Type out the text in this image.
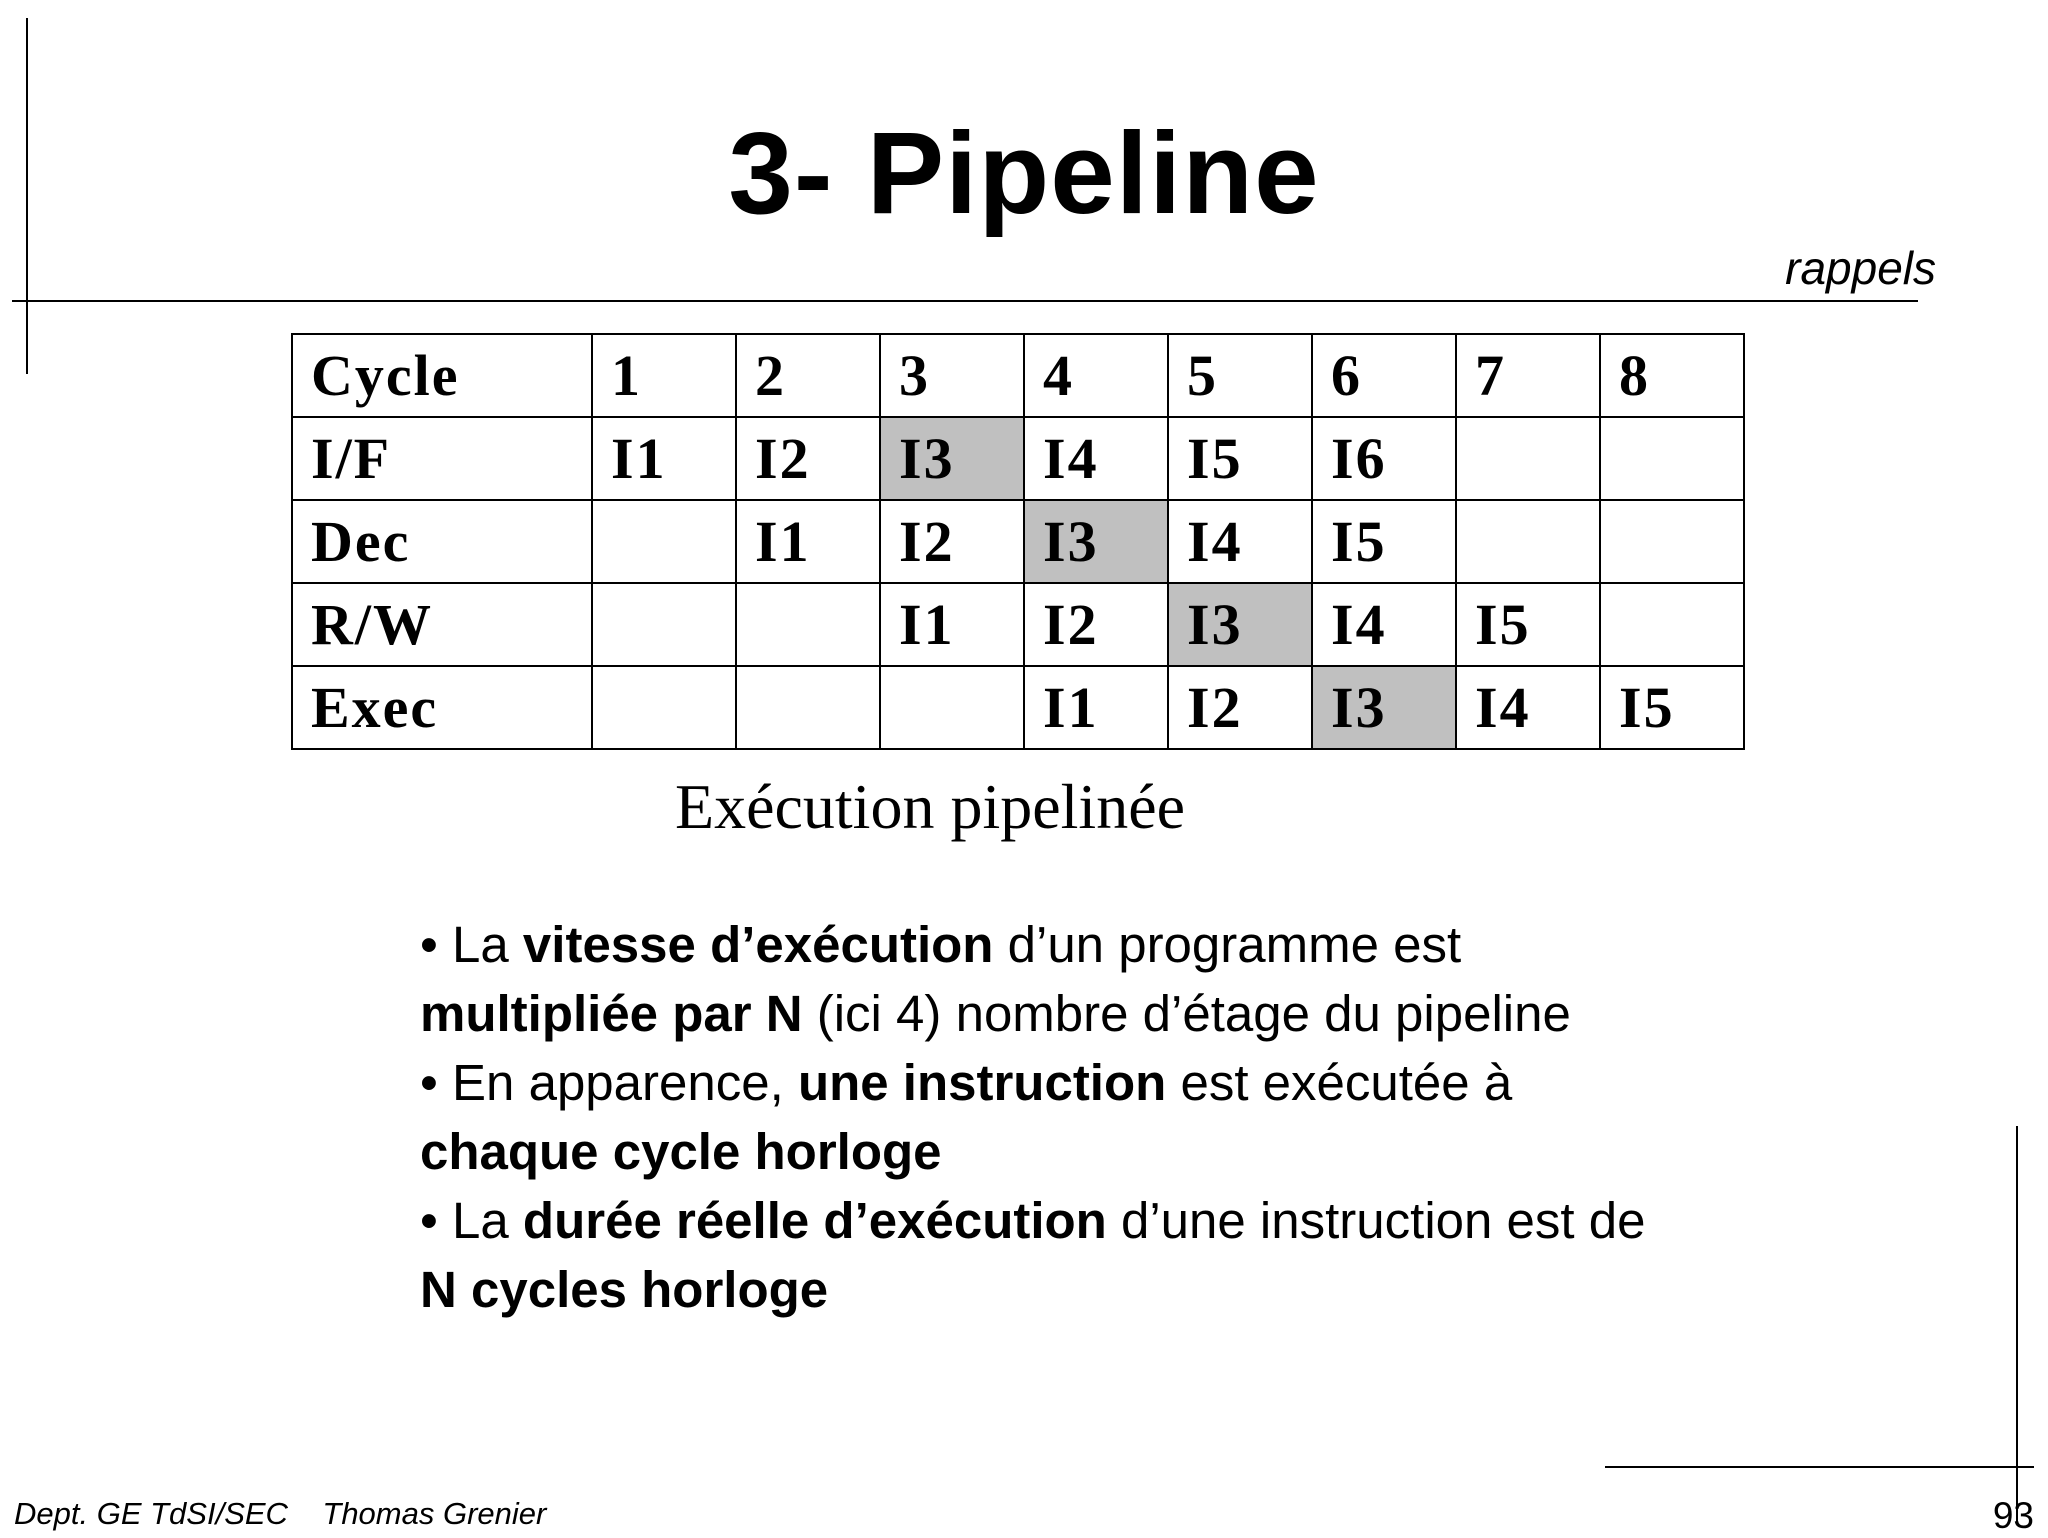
3- Pipeline
rappels
Cycle	1	2	3	4	5	6	7	8
I/F	I1	I2	I3	I4	I5	I6		
Dec		I1	I2	I3	I4	I5		
R/W			I1	I2	I3	I4	I5	
Exec				I1	I2	I3	I4	I5
Exécution pipelinée

• La vitesse d’exécution d’un programme est multipliée par N (ici 4) nombre d’étage du pipeline

• En apparence, une instruction est exécutée à chaque cycle horloge

• La durée réelle d’exécution d’une instruction est de N cycles horloge

Dept. GE TdSI/SEC    Thomas Grenier	93
